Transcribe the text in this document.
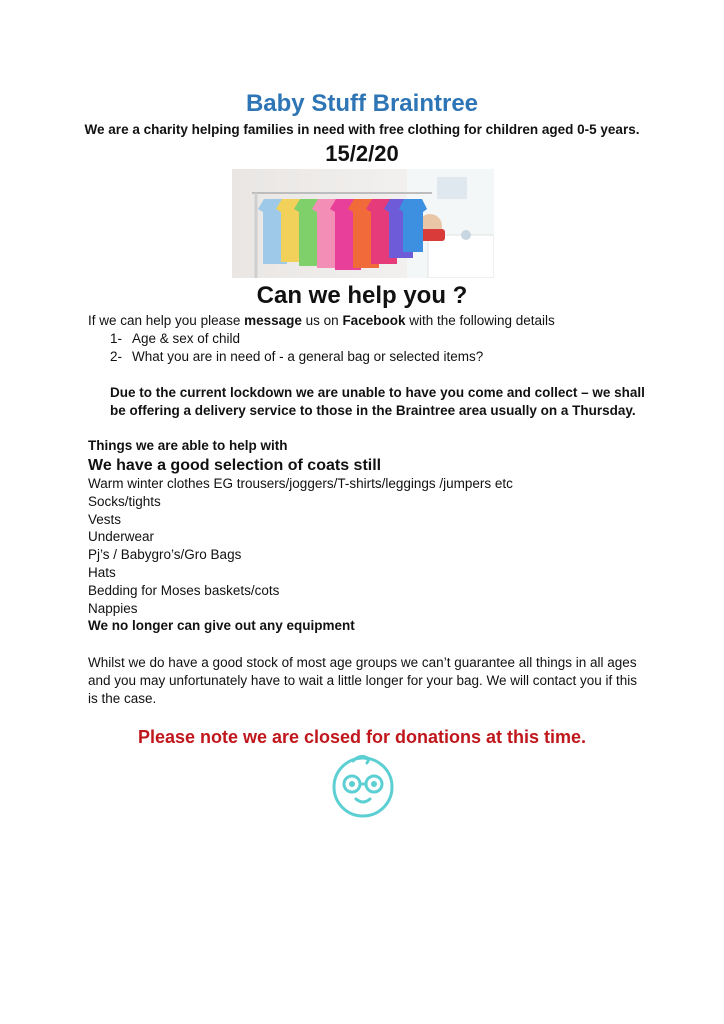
Baby Stuff Braintree
We are a charity helping families in need with free clothing for children aged 0-5 years.
15/2/20
Can we help you ?
If we can help you please message us on Facebook with the following details
1- Age & sex of child
2- What you are in need of - a general bag or selected items?
Due to the current lockdown we are unable to have you come and collect – we shall be offering a delivery service to those in the Braintree area usually on a Thursday.
Things we are able to help with
We have a good selection of coats still
Warm winter clothes EG trousers/joggers/T-shirts/leggings /jumpers etc
Socks/tights
Vests
Underwear
Pj’s / Babygro’s/Gro Bags
Hats
Bedding for Moses baskets/cots
Nappies
We no longer can give out any equipment
Whilst we do have a good stock of most age groups we can’t guarantee all things in all ages and you may unfortunately have to wait a little longer for your bag. We will contact you if this is the case.
Please note we are closed for donations at this time.
